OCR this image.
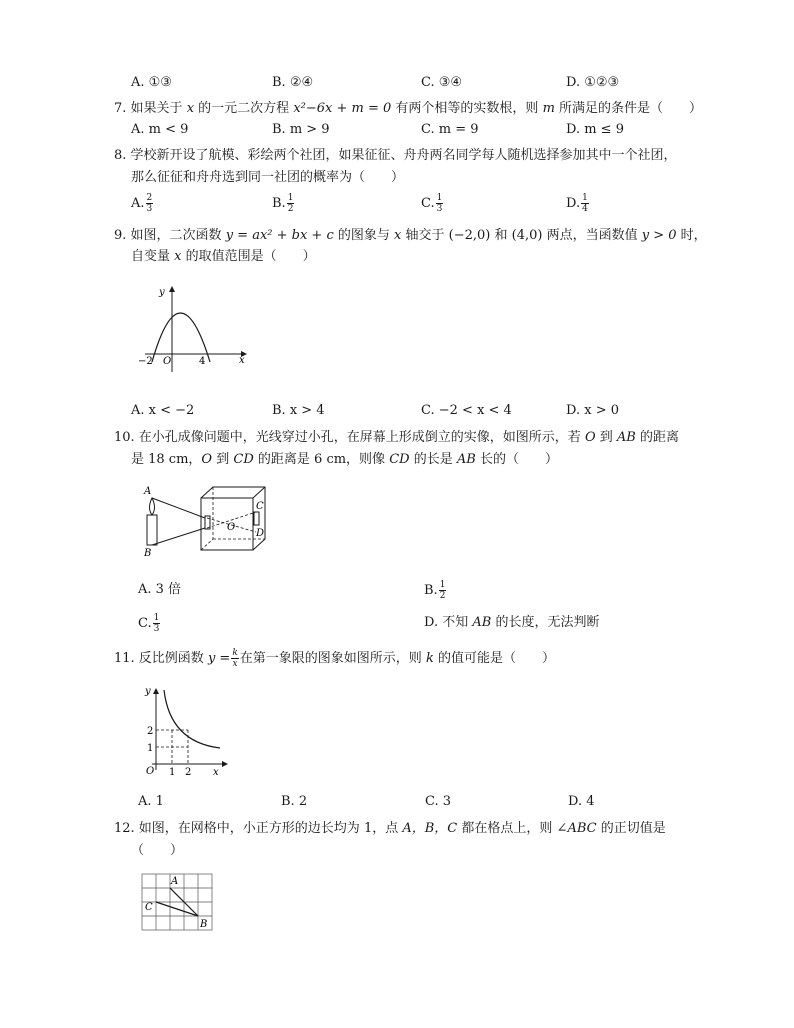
A. ①③	B. ②④	C. ③④	D. ①②③
7. 如果关于 x 的一元二次方程 x²−6x + m = 0 有两个相等的实数根，则 m 所满足的条件是（　　）
A. m < 9	B. m > 9	C. m = 9	D. m ≤ 9
8. 学校新开设了航模、彩绘两个社团，如果征征、舟舟两名同学每人随机选择参加其中一个社团，
那么征征和舟舟选到同一社团的概率为（　　）
A. $\frac{2}{3}$	B. $\frac{1}{2}$	C. $\frac{1}{3}$	D. $\frac{1}{4}$
9. 如图，二次函数 y = ax² + bx + c 的图象与 x 轴交于 (−2,0) 和 (4,0) 两点，当函数值 y > 0 时，
自变量 x 的取值范围是（　　）
y
x
O
−2	4
A. x < −2	B. x > 4	C. −2 < x < 4	D. x > 0
10. 在小孔成像问题中，光线穿过小孔，在屏幕上形成倒立的实像，如图所示，若 O 到 AB 的距离
是 18 cm，O 到 CD 的距离是 6 cm，则像 CD 的长是 AB 长的（　　）
A
B
C
D
O
A. 3 倍	B. $\frac{1}{2}$
C. $\frac{1}{3}$	D. 不知 AB 的长度，无法判断
11. 反比例函数 $y = \frac{k}{x}$ 在第一象限的图象如图所示，则 k 的值可能是（　　）
y
x
O 1 2
1
2
A. 1	B. 2	C. 3	D. 4
12. 如图，在网格中，小正方形的边长均为 1，点 A，B，C 都在格点上，则 ∠ABC 的正切值是
（　　）
A
B
C
